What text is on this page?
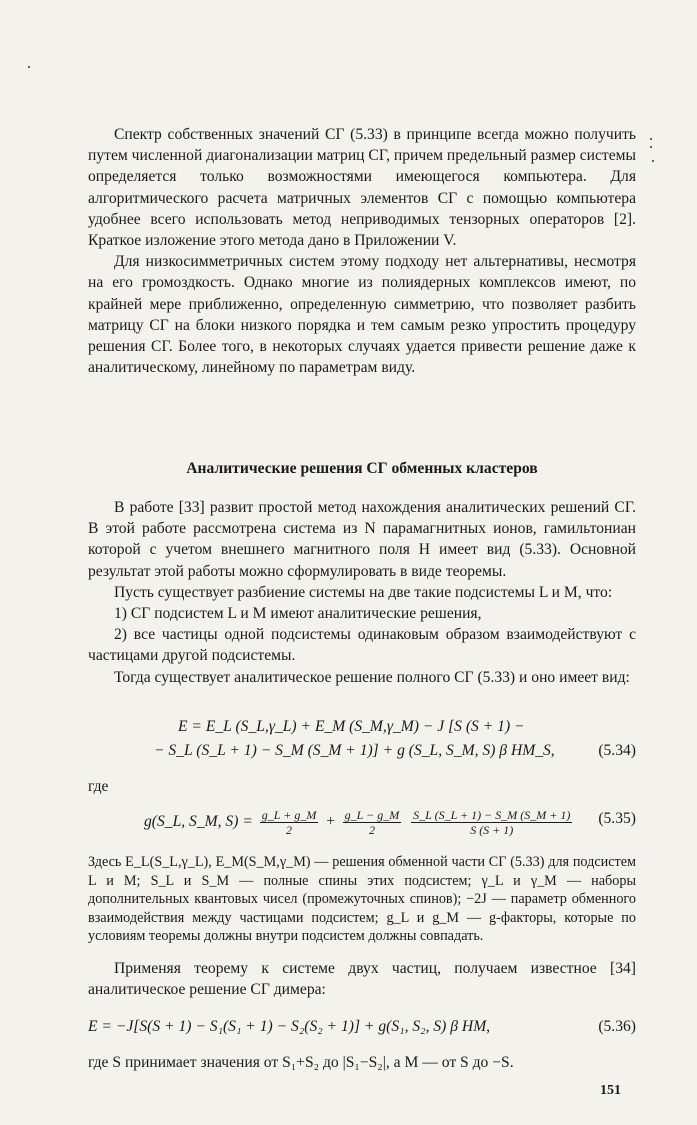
Спектр собственных значений СГ (5.33) в принципе всегда можно получить путем численной диагонализации матриц СГ, причем предельный размер системы определяется только возможностями имеющегося компьютера. Для алгоритмического расчета матричных элементов СГ с помощью компьютера удобнее всего использовать метод неприводимых тензорных операторов [2]. Краткое изложение этого метода дано в Приложении V.

Для низкосимметричных систем этому подходу нет альтернативы, несмотря на его громоздкость. Однако многие из полиядерных комплексов имеют, по крайней мере приближенно, определенную симметрию, что позволяет разбить матрицу СГ на блоки низкого порядка и тем самым резко упростить процедуру решения СГ. Более того, в некоторых случаях удается привести решение даже к аналитическому, линейному по параметрам виду.

Аналитические решения СГ обменных кластеров

В работе [33] развит простой метод нахождения аналитических решений СГ. В этой работе рассмотрена система из N парамагнитных ионов, гамильтониан которой с учетом внешнего магнитного поля H имеет вид (5.33). Основной результат этой работы можно сформулировать в виде теоремы.

Пусть существует разбиение системы на две такие подсистемы L и M, что:

1) СГ подсистем L и M имеют аналитические решения,

2) все частицы одной подсистемы одинаковым образом взаимодействуют с частицами другой подсистемы.

Тогда существует аналитическое решение полного СГ (5.33) и оно имеет вид:

E = E_L (S_L,γ_L) + E_M (S_M,γ_M) − J [S (S + 1) −
− S_L (S_L + 1) − S_M (S_M + 1)] + g (S_L, S_M, S) β HM_S,	(5.34)

где

g(S_L, S_M, $S) = \frac{g\_L + g\_M}{2} + \frac{g\_L - g\_M}{2}$
$\frac{S\_L (S\_L + 1) - S\_M (S\_M + 1)}{S (S + 1)} (5.35)$

Здесь E_L(S_L,γ_L), E_M(S_M,γ_M) — решения обменной части СГ (5.33) для подсистем L и M; S_L и S_M — полные спины этих подсистем; γ_L и γ_M — наборы дополнительных квантовых чисел (промежуточных спинов); −2J — параметр обменного взаимодействия между частицами подсистем; g_L и g_M — g-факторы, которые по условиям теоремы должны внутри подсистем должны совпадать.

Применяя теорему к системе двух частиц, получаем известное [34] аналитическое решение СГ димера:

E = −J[S(S + 1) − S₁(S₁ + 1) − S₂(S₂ + 1)] + g(S₁, S₂, S) β HM,	(5.36)

где S принимает значения от S₁+S₂ до |S₁−S₂|, а M — от S до −S.

151
